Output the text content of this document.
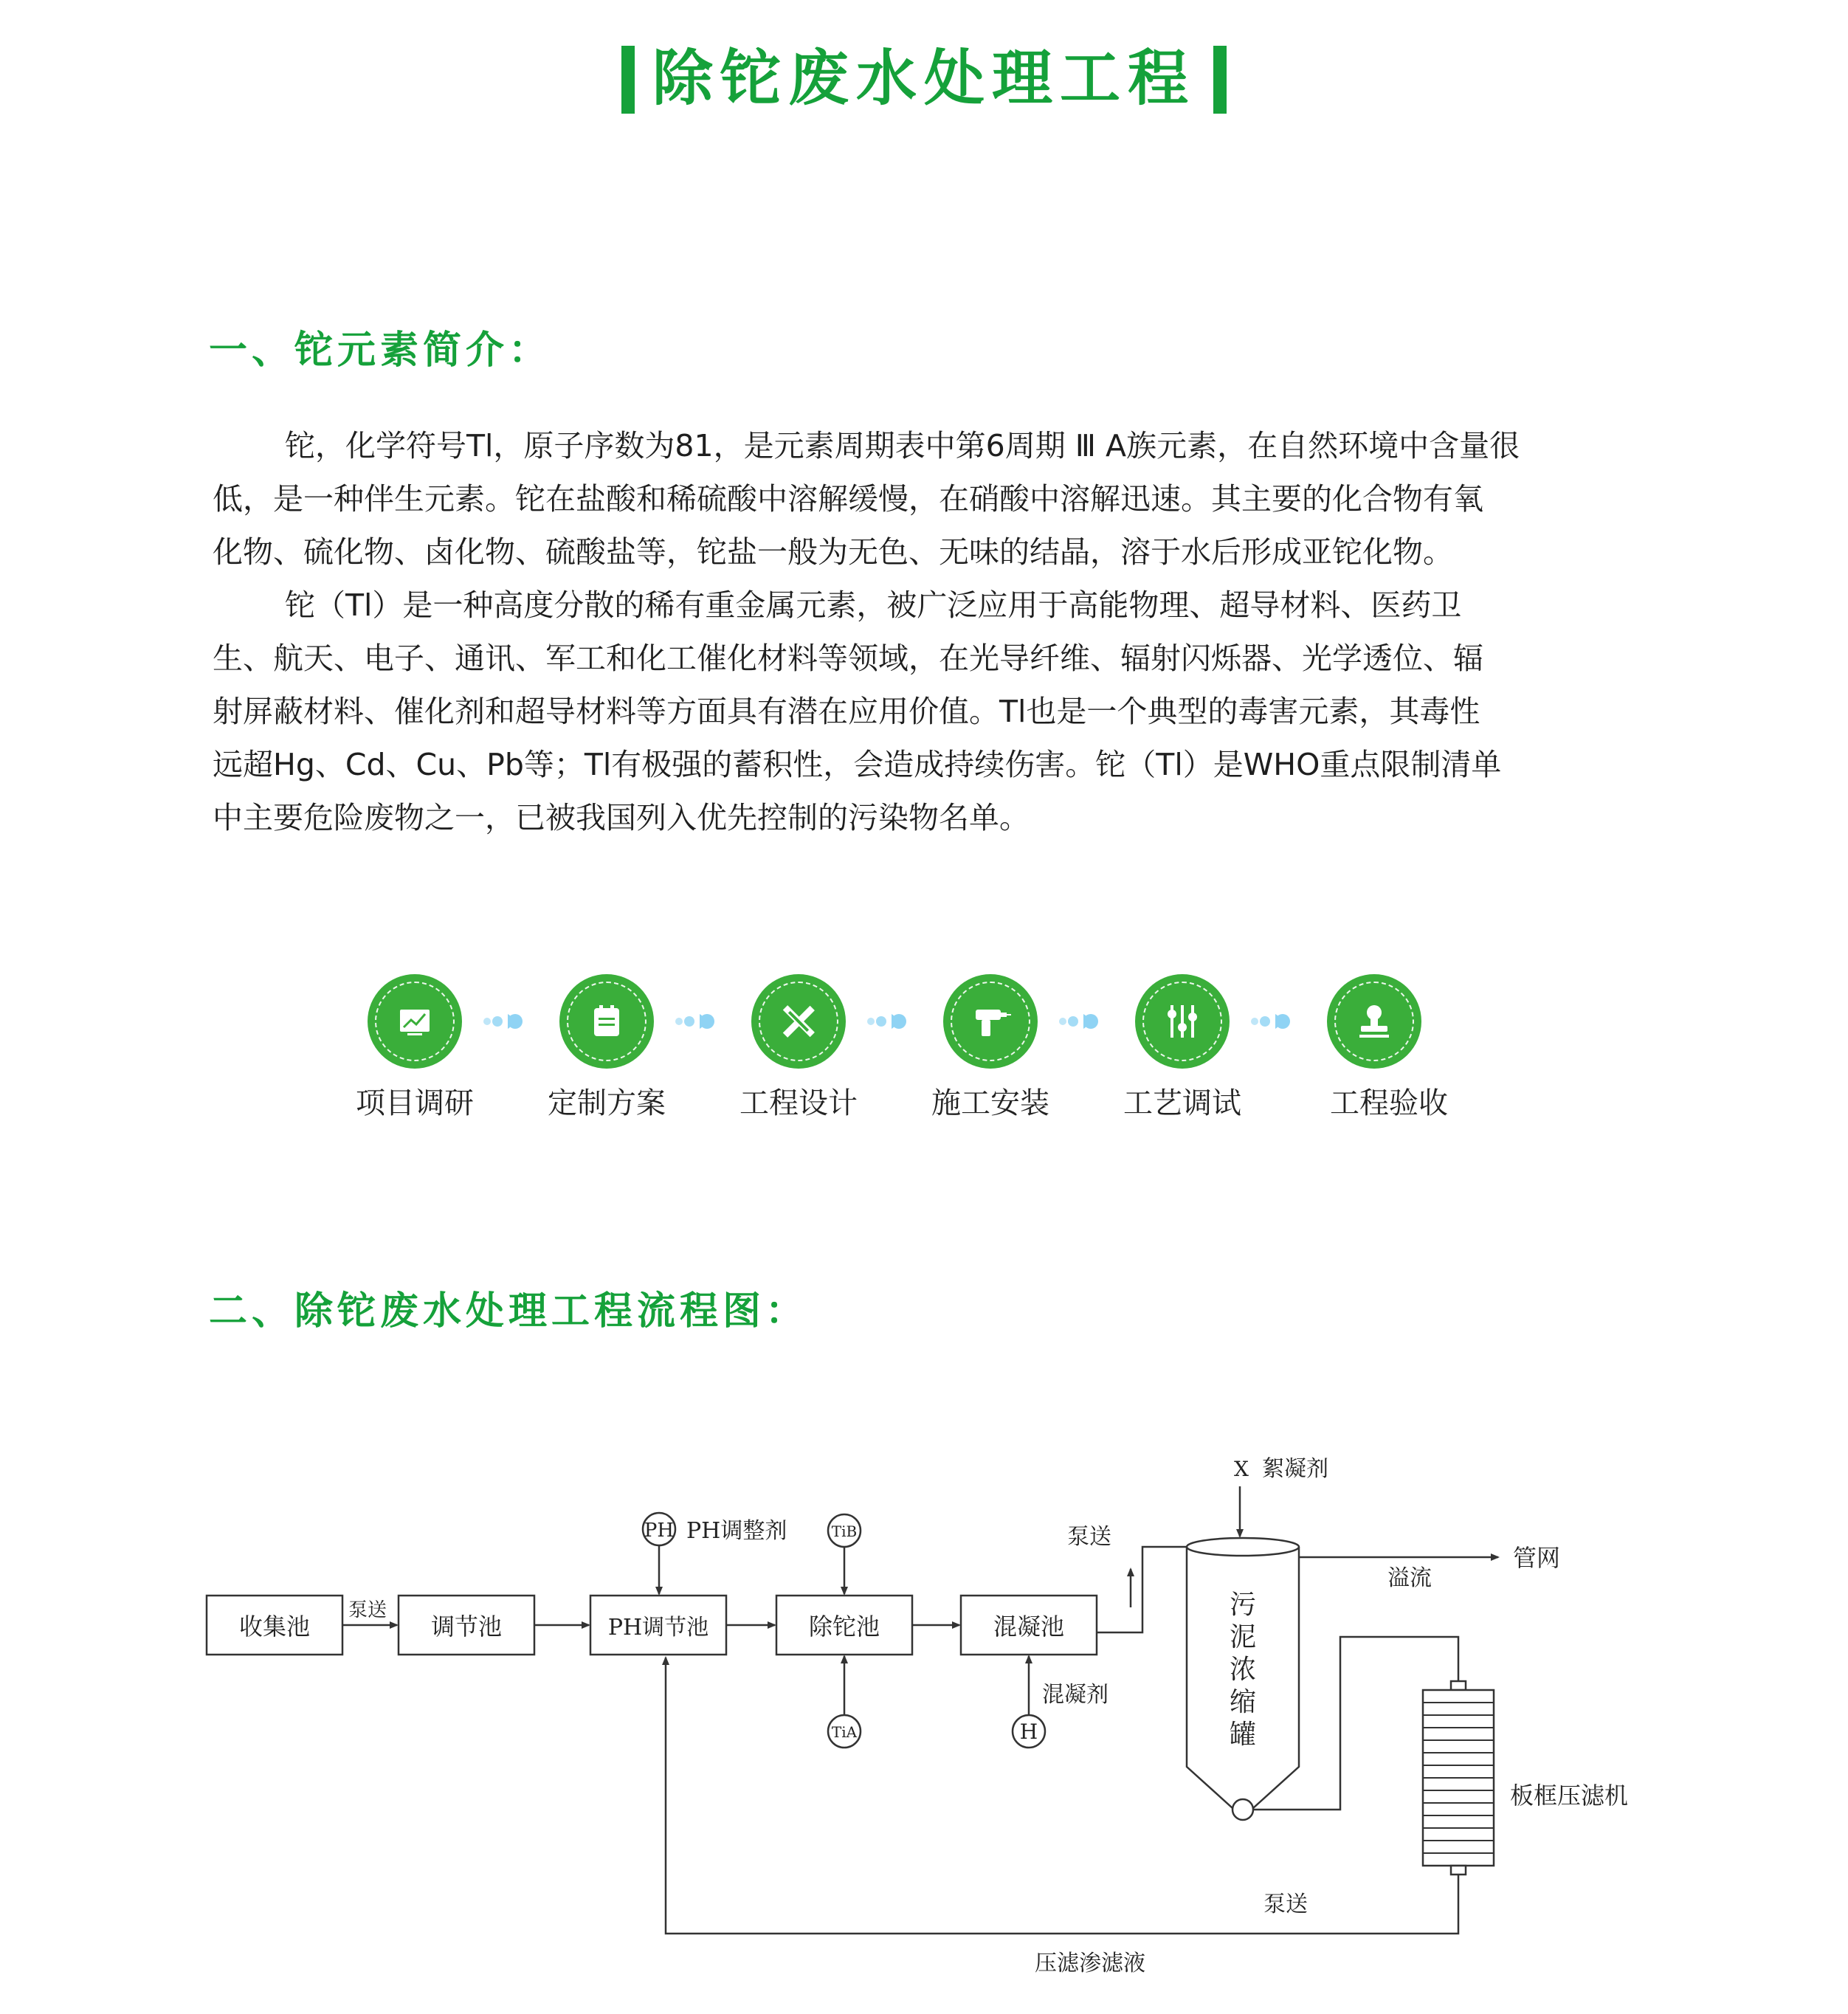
除铊废水处理工程
一、铊元素简介：
铊，化学符号Tl，原子序数为81，是元素周期表中第6周期 Ⅲ A族元素，在自然环境中含量很
低，是一种伴生元素。铊在盐酸和稀硫酸中溶解缓慢，在硝酸中溶解迅速。其主要的化合物有氧
化物、硫化物、卤化物、硫酸盐等，铊盐一般为无色、无味的结晶，溶于水后形成亚铊化物。
铊（Tl）是一种高度分散的稀有重金属元素，被广泛应用于高能物理、超导材料、医药卫
生、航天、电子、通讯、军工和化工催化材料等领域，在光导纤维、辐射闪烁器、光学透位、辐
射屏蔽材料、催化剂和超导材料等方面具有潜在应用价值。Tl也是一个典型的毒害元素，其毒性
远超Hg、Cd、Cu、Pb等；Tl有极强的蓄积性，会造成持续伤害。铊（Tl）是WHO重点限制清单
中主要危险废物之一，已被我国列入优先控制的污染物名单。
项目调研	定制方案	工程设计	施工安装	工艺调试	工程验收
二、除铊废水处理工程流程图：
收集池	调节池	PH调节池	除铊池	混凝池
泵送
PH PH调整剂	TiB
TiA	H
混凝剂
泵送
X 絮凝剂
污
泥
浓
缩
罐
溢流
管网
板框压滤机
泵送
压滤渗滤液
